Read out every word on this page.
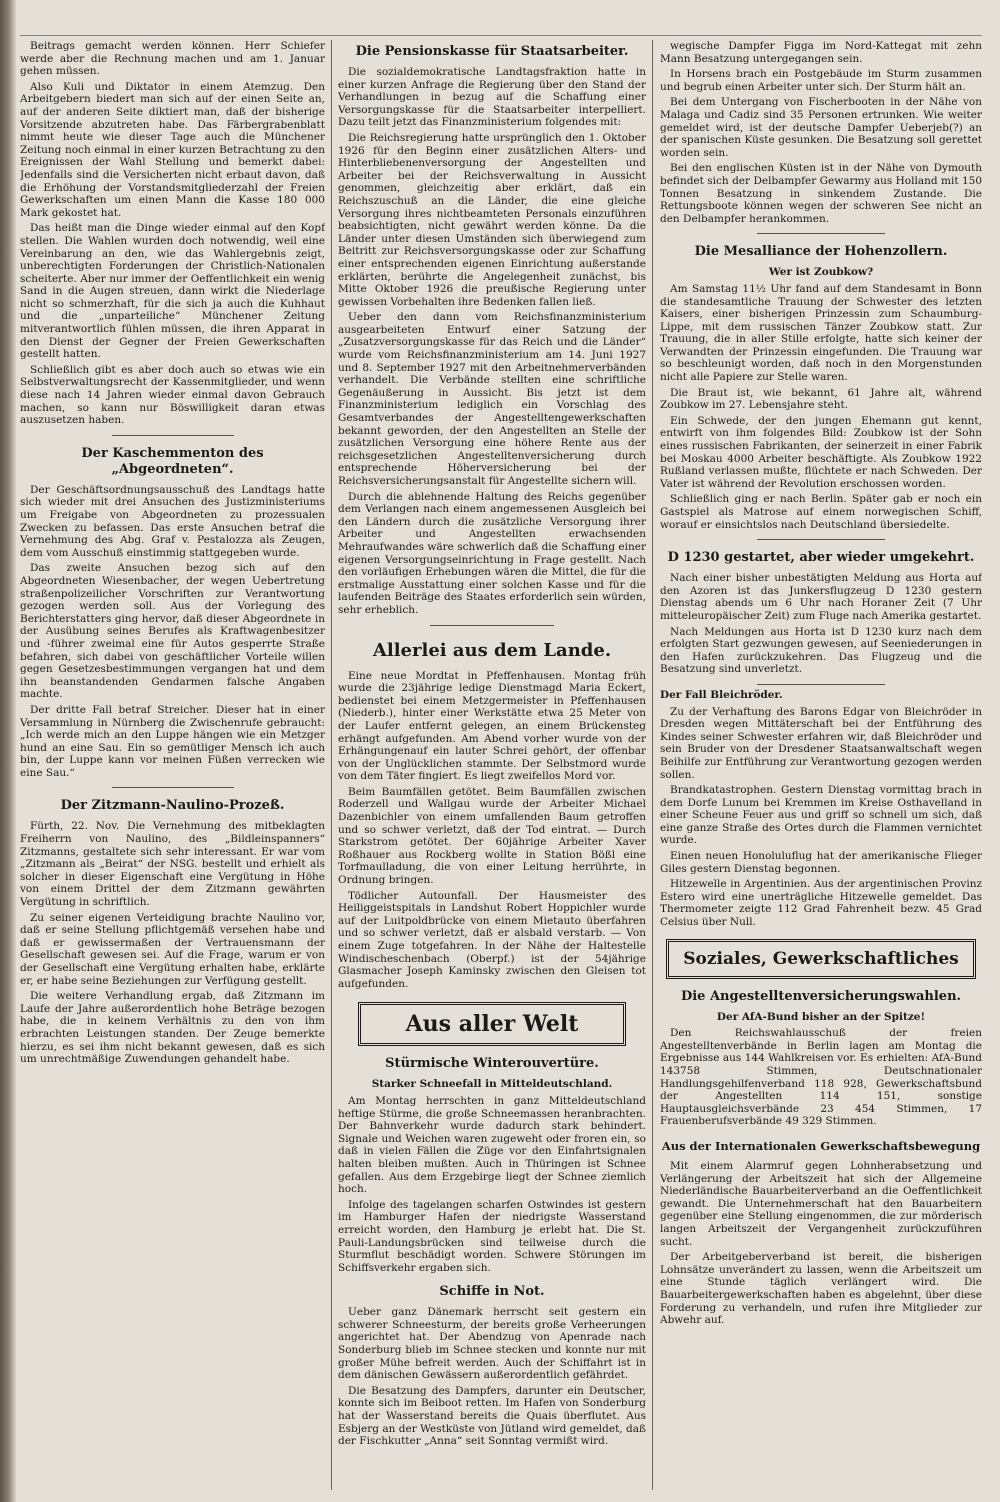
Beitrags gemacht werden können. Herr Schiefer werde aber die Rechnung machen und am 1. Januar gehen müssen.

Also Kuli und Diktator in einem Atemzug. Den Arbeitgebern biedert man sich auf der einen Seite an, auf der anderen Seite diktiert man, daß der bisherige Vorsitzende abzutreten habe. Das Färbergrabenblatt nimmt heute wie dieser Tage auch die Münchener Zeitung noch einmal in einer kurzen Betrachtung zu den Ereignissen der Wahl Stellung und bemerkt dabei: Jedenfalls sind die Versicherten nicht erbaut davon, daß die Erhöhung der Vorstandsmitgliederzahl der Freien Gewerkschaften um einen Mann die Kasse 180 000 Mark gekostet hat.

Das heißt man die Dinge wieder einmal auf den Kopf stellen. Die Wahlen wurden doch notwendig, weil eine Vereinbarung an den, wie das Wahlergebnis zeigt, unberechtigten Forderungen der Christlich-Nationalen scheiterte. Aber nur immer der Oeffentlichkeit ein wenig Sand in die Augen streuen, dann wirkt die Niederlage nicht so schmerzhaft, für die sich ja auch die Kuhhaut und die „unparteiliche“ Münchener Zeitung mitverantwortlich fühlen müssen, die ihren Apparat in den Dienst der Gegner der Freien Gewerkschaften gestellt hatten.

Schließlich gibt es aber doch auch so etwas wie ein Selbstverwaltungsrecht der Kassenmitglieder, und wenn diese nach 14 Jahren wieder einmal davon Gebrauch machen, so kann nur Böswilligkeit daran etwas auszusetzen haben.

Der Kaschemmenton des „Abgeordneten“.

Der Geschäftsordnungsausschuß des Landtags hatte sich wieder mit drei Ansuchen des Justizministeriums um Freigabe von Abgeordneten zu prozessualen Zwecken zu befassen. Das erste Ansuchen betraf die Vernehmung des Abg. Graf v. Pestalozza als Zeugen, dem vom Ausschuß einstimmig stattgegeben wurde.

Das zweite Ansuchen bezog sich auf den Abgeordneten Wiesenbacher, der wegen Uebertretung straßenpolizeilicher Vorschriften zur Verantwortung gezogen werden soll. Aus der Vorlegung des Berichterstatters ging hervor, daß dieser Abgeordnete in der Ausübung seines Berufes als Kraftwagenbesitzer und -führer zweimal eine für Autos gesperrte Straße befahren, sich dabei von geschäftlicher Vorteile willen gegen Gesetzesbestimmungen vergangen hat und dem ihn beanstandenden Gendarmen falsche Angaben machte.

Der dritte Fall betraf Streicher. Dieser hat in einer Versammlung in Nürnberg die Zwischenrufe gebraucht: „Ich werde mich an den Luppe hängen wie ein Metzger hund an eine Sau. Ein so gemütliger Mensch ich auch bin, der Luppe kann vor meinen Füßen verrecken wie eine Sau.“

Der Zitzmann-Naulino-Prozeß.

Fürth, 22. Nov. Die Vernehmung des mitbeklagten Freiherrn von Naulino, des „Bildleinspanners“ Zitzmanns, gestaltete sich sehr interessant. Er war vom „Zitzmann als „Beirat“ der NSG. bestellt und erhielt als solcher in dieser Eigenschaft eine Vergütung in Höhe von einem Drittel der dem Zitzmann gewährten Vergütung in schriftlich.

Zu seiner eigenen Verteidigung brachte Naulino vor, daß er seine Stellung pflichtgemäß versehen habe und daß er gewissermaßen der Vertrauensmann der Gesellschaft gewesen sei. Auf die Frage, warum er von der Gesellschaft eine Vergütung erhalten habe, erklärte er, er habe seine Beziehungen zur Verfügung gestellt.

Die weitere Verhandlung ergab, daß Zitzmann im Laufe der Jahre außerordentlich hohe Beträge bezogen habe, die in keinem Verhältnis zu den von ihm erbrachten Leistungen standen. Der Zeuge bemerkte hierzu, es sei ihm nicht bekannt gewesen, daß es sich um unrechtmäßige Zuwendungen gehandelt habe.

Die Pensionskasse für Staatsarbeiter.

Die sozialdemokratische Landtagsfraktion hatte in einer kurzen Anfrage die Regierung über den Stand der Verhandlungen in bezug auf die Schaffung einer Versorgungskasse für die Staatsarbeiter interpelliert. Dazu teilt jetzt das Finanzministerium folgendes mit:

Die Reichsregierung hatte ursprünglich den 1. Oktober 1926 für den Beginn einer zusätzlichen Alters- und Hinterbliebenenversorgung der Angestellten und Arbeiter bei der Reichsverwaltung in Aussicht genommen, gleichzeitig aber erklärt, daß ein Reichszuschuß an die Länder, die eine gleiche Versorgung ihres nichtbeamteten Personals einzuführen beabsichtigten, nicht gewährt werden könne. Da die Länder unter diesen Umständen sich überwiegend zum Beitritt zur Reichsversorgungskasse oder zur Schaffung einer entsprechenden eigenen Einrichtung außerstande erklärten, berührte die Angelegenheit zunächst, bis Mitte Oktober 1926 die preußische Regierung unter gewissen Vorbehalten ihre Bedenken fallen ließ.

Ueber den dann vom Reichsfinanzministerium ausgearbeiteten Entwurf einer Satzung der „Zusatzversorgungskasse für das Reich und die Länder“ wurde vom Reichsfinanzministerium am 14. Juni 1927 und 8. September 1927 mit den Arbeitnehmerverbänden verhandelt. Die Verbände stellten eine schriftliche Gegenäußerung in Aussicht. Bis jetzt ist dem Finanzministerium lediglich ein Vorschlag des Gesamtverbandes der Angestelltengewerkschaften bekannt geworden, der den Angestellten an Stelle der zusätzlichen Versorgung eine höhere Rente aus der reichsgesetzlichen Angestelltenversicherung durch entsprechende Höherversicherung bei der Reichsversicherungsanstalt für Angestellte sichern will.

Durch die ablehnende Haltung des Reichs gegenüber dem Verlangen nach einem angemessenen Ausgleich bei den Ländern durch die zusätzliche Versorgung ihrer Arbeiter und Angestellten erwachsenden Mehraufwandes wäre schwerlich daß die Schaffung einer eigenen Versorgungseinrichtung in Frage gestellt. Nach den vorläufigen Erhebungen wären die Mittel, die für die erstmalige Ausstattung einer solchen Kasse und für die laufenden Beiträge des Staates erforderlich sein würden, sehr erheblich.

Allerlei aus dem Lande.

Eine neue Mordtat in Pfeffenhausen. Montag früh wurde die 23jährige ledige Dienstmagd Maria Eckert, bedienstet bei einem Metzgermeister in Pfeffenhausen (Niederb.), hinter einer Werkstätte etwa 25 Meter von der Laufer entfernt gelegen, an einem Brückensteg erhängt aufgefunden. Am Abend vorher wurde von der Erhängungenauf ein lauter Schrei gehört, der offenbar von der Unglücklichen stammte. Der Selbstmord wurde von dem Täter fingiert. Es liegt zweifellos Mord vor.

Beim Baumfällen getötet. Beim Baumfällen zwischen Roderzell und Wallgau wurde der Arbeiter Michael Dazenbichler von einem umfallenden Baum getroffen und so schwer verletzt, daß der Tod eintrat. — Durch Starkstrom getötet. Der 60jährige Arbeiter Xaver Roßhauer aus Rockberg wollte in Station Bößl eine Torfmaulladung, die von einer Leitung herrührte, in Ordnung bringen.

Tödlicher Autounfall. Der Hausmeister des Heiliggeistspitals in Landshut Robert Hoppichler wurde auf der Luitpoldbrücke von einem Mietauto überfahren und so schwer verletzt, daß er alsbald verstarb. — Von einem Zuge totgefahren. In der Nähe der Haltestelle Windischeschenbach (Oberpf.) ist der 54jährige Glasmacher Joseph Kaminsky zwischen den Gleisen tot aufgefunden.

Aus aller Welt
Stürmische Winterouvertüre.
Starker Schneefall in Mitteldeutschland.

Am Montag herrschten in ganz Mitteldeutschland heftige Stürme, die große Schneemassen heranbrachten. Der Bahnverkehr wurde dadurch stark behindert. Signale und Weichen waren zugeweht oder froren ein, so daß in vielen Fällen die Züge vor den Einfahrtsignalen halten bleiben mußten. Auch in Thüringen ist Schnee gefallen. Aus dem Erzgebirge liegt der Schnee ziemlich hoch.

Infolge des tagelangen scharfen Ostwindes ist gestern im Hamburger Hafen der niedrigste Wasserstand erreicht worden, den Hamburg je erlebt hat. Die St. Pauli-Landungsbrücken sind teilweise durch die Sturmflut beschädigt worden. Schwere Störungen im Schiffsverkehr ergaben sich.

Schiffe in Not.

Ueber ganz Dänemark herrscht seit gestern ein schwerer Schneesturm, der bereits große Verheerungen angerichtet hat. Der Abendzug von Apenrade nach Sonderburg blieb im Schnee stecken und konnte nur mit großer Mühe befreit werden. Auch der Schiffahrt ist in dem dänischen Gewässern außerordentlich gefährdet.

Die Besatzung des Dampfers, darunter ein Deutscher, konnte sich im Beiboot retten. Im Hafen von Sonderburg hat der Wasserstand bereits die Quais überflutet. Aus Esbjerg an der Westküste von Jütland wird gemeldet, daß der Fischkutter „Anna“ seit Sonntag vermißt wird.

wegische Dampfer Figga im Nord-Kattegat mit zehn Mann Besatzung untergegangen sein.

In Horsens brach ein Postgebäude im Sturm zusammen und begrub einen Arbeiter unter sich. Der Sturm hält an.

Bei dem Untergang von Fischerbooten in der Nähe von Malaga und Cadiz sind 35 Personen ertrunken. Wie weiter gemeldet wird, ist der deutsche Dampfer Ueberjeb(?) an der spanischen Küste gesunken. Die Besatzung soll gerettet worden sein.

Bei den englischen Küsten ist in der Nähe von Dymouth befindet sich der Delbampfer Gewarmy aus Holland mit 150 Tonnen Besatzung in sinkendem Zustande. Die Rettungsboote können wegen der schweren See nicht an den Delbampfer herankommen.

Die Mesalliance der Hohenzollern.
Wer ist Zoubkow?

Am Samstag 11½ Uhr fand auf dem Standesamt in Bonn die standesamtliche Trauung der Schwester des letzten Kaisers, einer bisherigen Prinzessin zum Schaumburg-Lippe, mit dem russischen Tänzer Zoubkow statt. Zur Trauung, die in aller Stille erfolgte, hatte sich keiner der Verwandten der Prinzessin eingefunden. Die Trauung war so beschleunigt worden, daß noch in den Morgenstunden nicht alle Papiere zur Stelle waren.

Die Braut ist, wie bekannt, 61 Jahre alt, während Zoubkow im 27. Lebensjahre steht.

Ein Schwede, der den jungen Ehemann gut kennt, entwirft von ihm folgendes Bild: Zoubkow ist der Sohn eines russischen Fabrikanten, der seinerzeit in einer Fabrik bei Moskau 4000 Arbeiter beschäftigte. Als Zoubkow 1922 Rußland verlassen mußte, flüchtete er nach Schweden. Der Vater ist während der Revolution erschossen worden.

Schließlich ging er nach Berlin. Später gab er noch ein Gastspiel als Matrose auf einem norwegischen Schiff, worauf er einsichtslos nach Deutschland übersiedelte.

D 1230 gestartet, aber wieder umgekehrt.

Nach einer bisher unbestätigten Meldung aus Horta auf den Azoren ist das Junkersflugzeug D 1230 gestern Dienstag abends um 6 Uhr nach Horaner Zeit (7 Uhr mitteleuropäischer Zeit) zum Fluge nach Amerika gestartet.

Nach Meldungen aus Horta ist D 1230 kurz nach dem erfolgten Start gezwungen gewesen, auf Seeniederungen in den Hafen zurückzukehren. Das Flugzeug und die Besatzung sind unverletzt.

Der Fall Bleichröder.

Zu der Verhaftung des Barons Edgar von Bleichröder in Dresden wegen Mittäterschaft bei der Entführung des Kindes seiner Schwester erfahren wir, daß Bleichröder und sein Bruder von der Dresdener Staatsanwaltschaft wegen Beihilfe zur Entführung zur Verantwortung gezogen werden sollen.

Brandkatastrophen. Gestern Dienstag vormittag brach in dem Dorfe Lunum bei Kremmen im Kreise Osthavelland in einer Scheune Feuer aus und griff so schnell um sich, daß eine ganze Straße des Ortes durch die Flammen vernichtet wurde.

Einen neuen Honoluluflug hat der amerikanische Flieger Giles gestern Dienstag begonnen.

Hitzewelle in Argentinien. Aus der argentinischen Provinz Estero wird eine unerträgliche Hitzewelle gemeldet. Das Thermometer zeigte 112 Grad Fahrenheit bezw. 45 Grad Celsius über Null.

Soziales, Gewerkschaftliches
Die Angestelltenversicherungswahlen.
Der AfA-Bund bisher an der Spitze!

Den Reichswahlausschuß der freien Angestelltenverbände in Berlin lagen am Montag die Ergebnisse aus 144 Wahlkreisen vor. Es erhielten: AfA-Bund 143758 Stimmen, Deutschnationaler Handlungsgehilfenverband 118 928, Gewerkschaftsbund der Angestellten 114 151, sonstige Hauptausgleichsverbände 23 454 Stimmen, 17 Frauenberufsverbände 49 329 Stimmen.

Aus der Internationalen Gewerkschaftsbewegung

Mit einem Alarmruf gegen Lohnherabsetzung und Verlängerung der Arbeitszeit hat sich der Allgemeine Niederländische Bauarbeiterverband an die Oeffentlichkeit gewandt. Die Unternehmerschaft hat den Bauarbeitern gegenüber eine Stellung eingenommen, die zur mörderisch langen Arbeitszeit der Vergangenheit zurückzuführen sucht.

Der Arbeitgeberverband ist bereit, die bisherigen Lohnsätze unverändert zu lassen, wenn die Arbeitszeit um eine Stunde täglich verlängert wird. Die Bauarbeitergewerkschaften haben es abgelehnt, über diese Forderung zu verhandeln, und rufen ihre Mitglieder zur Abwehr auf.
